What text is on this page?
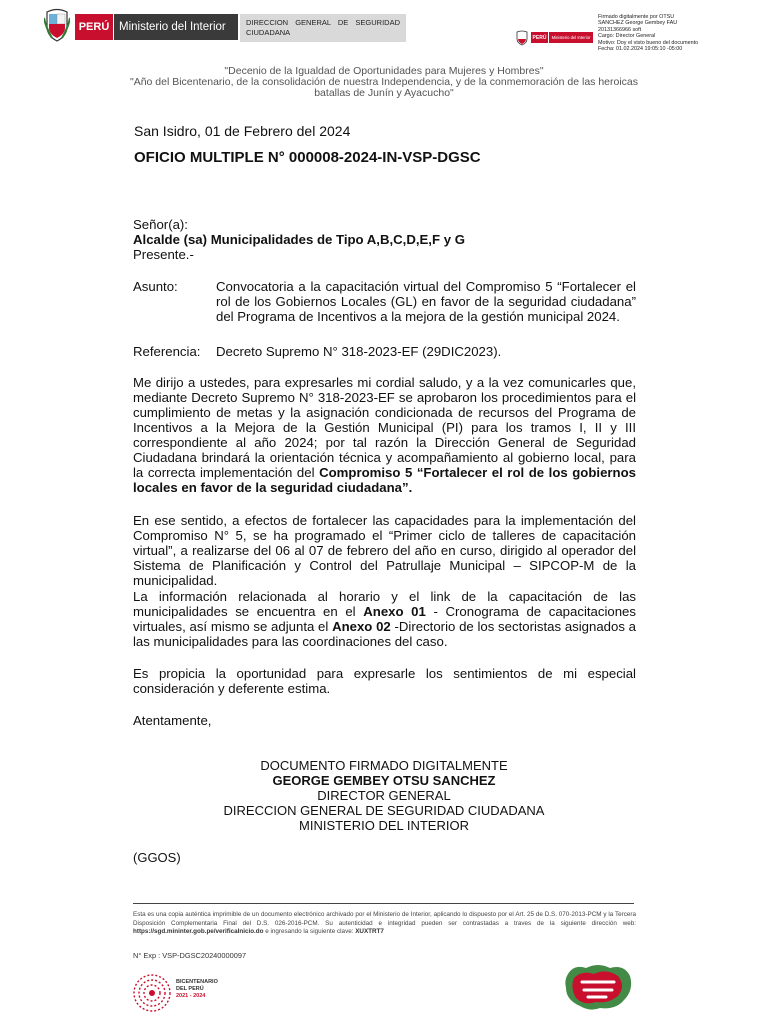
PERÚ Ministerio del Interior	DIRECCION GENERAL DE SEGURIDAD CIUDADANA
PERÚ	Ministerio del Interior
Firmado digitalmente por OTSU
SANCHEZ George Gembey FAU
20131366966 soft
Cargo: Director General
Motivo: Doy el visto bueno del documento
Fecha: 01.02.2024 19:05:10 -05:00
"Decenio de la Igualdad de Oportunidades para Mujeres y Hombres"
"Año del Bicentenario, de la consolidación de nuestra Independencia, y de la conmemoración de las heroicas
batallas de Junín y Ayacucho"
San Isidro, 01 de Febrero del 2024
OFICIO MULTIPLE N° 000008-2024-IN-VSP-DGSC
Señor(a):
Alcalde (sa) Municipalidades de Tipo A,B,C,D,E,F y G
Presente.-
Asunto:	Convocatoria a la capacitación virtual del Compromiso 5 “Fortalecer el rol de los Gobiernos Locales (GL) en favor de la seguridad ciudadana” del Programa de Incentivos a la mejora de la gestión municipal 2024.
Referencia: Decreto Supremo N° 318-2023-EF (29DIC2023).
Me dirijo a ustedes, para expresarles mi cordial saludo, y a la vez comunicarles que, mediante Decreto Supremo N° 318-2023-EF se aprobaron los procedimientos para el cumplimiento de metas y la asignación condicionada de recursos del Programa de Incentivos a la Mejora de la Gestión Municipal (PI) para los tramos I, II y III correspondiente al año 2024; por tal razón la Dirección General de Seguridad Ciudadana brindará la orientación técnica y acompañamiento al gobierno local, para la correcta implementación del Compromiso 5 “Fortalecer el rol de los gobiernos locales en favor de la seguridad ciudadana”.
En ese sentido, a efectos de fortalecer las capacidades para la implementación del Compromiso N° 5, se ha programado el “Primer ciclo de talleres de capacitación virtual”, a realizarse del 06 al 07 de febrero del año en curso, dirigido al operador del Sistema de Planificación y Control del Patrullaje Municipal – SIPCOP-M de la municipalidad.
La información relacionada al horario y el link de la capacitación de las municipalidades se encuentra en el Anexo 01 - Cronograma de capacitaciones virtuales, así mismo se adjunta el Anexo 02 -Directorio de los sectoristas asignados a las municipalidades para las coordinaciones del caso.
Es propicia la oportunidad para expresarle los sentimientos de mi especial consideración y deferente estima.
Atentamente,
DOCUMENTO FIRMADO DIGITALMENTE
GEORGE GEMBEY OTSU SANCHEZ
DIRECTOR GENERAL
DIRECCION GENERAL DE SEGURIDAD CIUDADANA
MINISTERIO DEL INTERIOR
(GGOS)
Esta es una copia auténtica imprimible de un documento electrónico archivado por el Ministerio de Interior, aplicando lo dispuesto por el Art. 25 de D.S. 070-2013-PCM y la Tercera Disposición Complementaria Final del D.S. 026-2016-PCM. Su autenticidad e integridad pueden ser contrastadas a traves de la siguiente dirección web: https://sgd.mininter.gob.pe/verificaInicio.do e ingresando la siguiente clave: XUXTRT7
N° Exp : VSP-DGSC20240000097
BICENTENARIO
DEL PERÚ
2021 - 2024
